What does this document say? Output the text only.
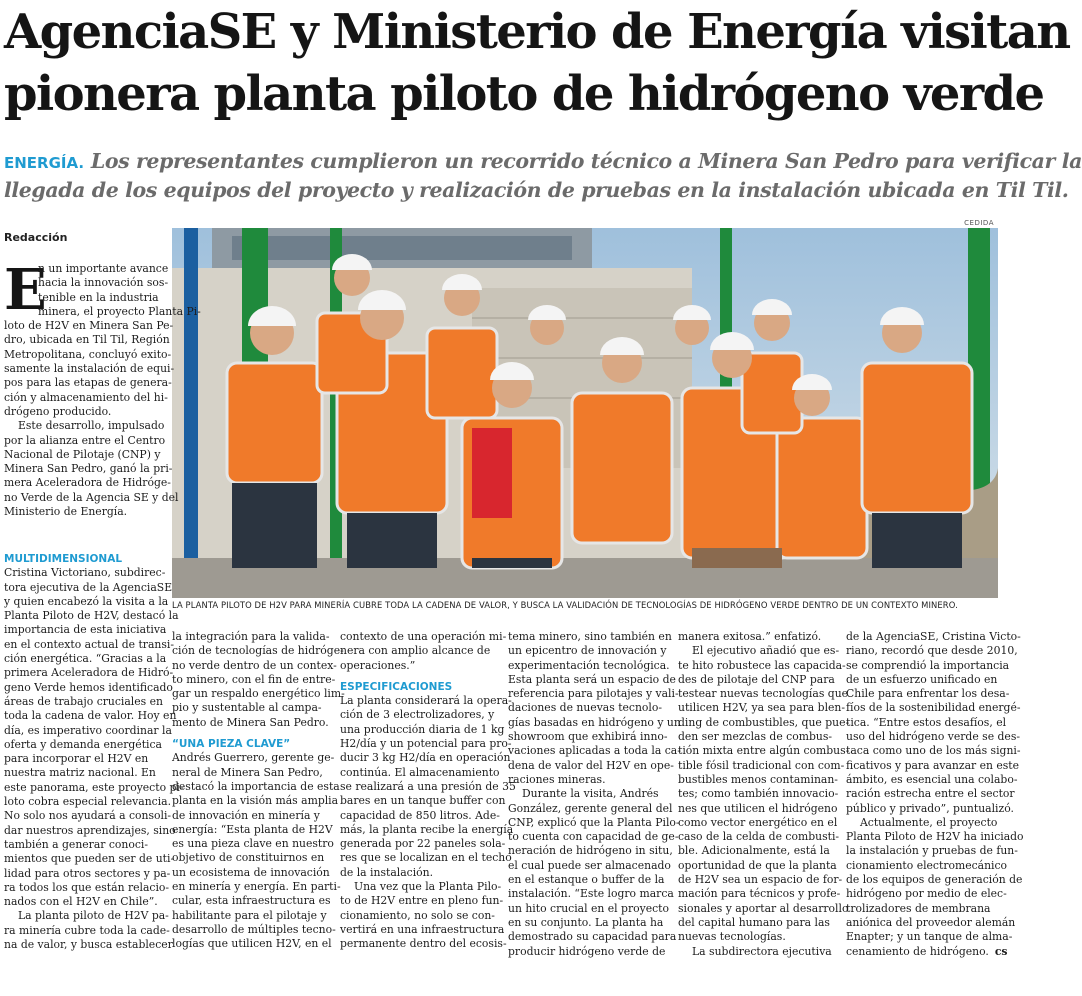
AgenciaSE y Ministerio de Energía visitan
pionera planta piloto de hidrógeno verde
ENERGÍA. Los representantes cumplieron un recorrido técnico a Minera San Pedro para verificar la
llegada de los equipos del proyecto y realización de pruebas en la instalación ubicada en Til Til.
Redacción
CEDIDA
LA PLANTA PILOTO DE H2V PARA MINERÍA CUBRE TODA LA CADENA DE VALOR, Y BUSCA LA VALIDACIÓN DE TECNOLOGÍAS DE HIDRÓGENO VERDE DENTRO DE UN CONTEXTO MINERO.
E
n un importante avance
hacia la innovación sos-
tenible en la industria
minera, el proyecto Planta Pi-
loto de H2V en Minera San Pe-
dro, ubicada en Til Til, Región
Metropolitana, concluyó exito-
samente la instalación de equi-
pos para las etapas de genera-
ción y almacenamiento del hi-
drógeno producido.
Este desarrollo, impulsado
por la alianza entre el Centro
Nacional de Pilotaje (CNP) y
Minera San Pedro, ganó la pri-
mera Aceleradora de Hidróge-
no Verde de la Agencia SE y del
Ministerio de Energía.
MULTIDIMENSIONAL
Cristina Victoriano, subdirec-
tora ejecutiva de la AgenciaSE
y quien encabezó la visita a la
Planta Piloto de H2V, destacó la
importancia de esta iniciativa
en el contexto actual de transi-
ción energética. “Gracias a la
primera Aceleradora de Hidró-
geno Verde hemos identificado
áreas de trabajo cruciales en
toda la cadena de valor. Hoy en
día, es imperativo coordinar la
oferta y demanda energética
para incorporar el H2V en
nuestra matriz nacional. En
este panorama, este proyecto pi-
loto cobra especial relevancia.
No solo nos ayudará a consoli-
dar nuestros aprendizajes, sino
también a generar conoci-
mientos que pueden ser de uti-
lidad para otros sectores y pa-
ra todos los que están relacio-
nados con el H2V en Chile”.
La planta piloto de H2V pa-
ra minería cubre toda la cade-
na de valor, y busca establecer
la integración para la valida-
ción de tecnologías de hidróge-
no verde dentro de un contex-
to minero, con el fin de entre-
gar un respaldo energético lim-
pio y sustentable al campa-
mento de Minera San Pedro.
“UNA PIEZA CLAVE”
Andrés Guerrero, gerente ge-
neral de Minera San Pedro,
destacó la importancia de esta
planta en la visión más amplia
de innovación en minería y
energía: “Esta planta de H2V
es una pieza clave en nuestro
objetivo de constituirnos en
un ecosistema de innovación
en minería y energía. En parti-
cular, esta infraestructura es
habilitante para el pilotaje y
desarrollo de múltiples tecno-
logías que utilicen H2V, en el
contexto de una operación mi-
nera con amplio alcance de
operaciones.”
ESPECIFICACIONES
La planta considerará la opera-
ción de 3 electrolizadores, y
una producción diaria de 1 kg
H2/día y un potencial para pro-
ducir 3 kg H2/día en operación
continúa. El almacenamiento
se realizará a una presión de 35
bares en un tanque buffer con
capacidad de 850 litros. Ade-
más, la planta recibe la energía
generada por 22 paneles sola-
res que se localizan en el techo
de la instalación.
Una vez que la Planta Pilo-
to de H2V entre en pleno fun-
cionamiento, no solo se con-
vertirá en una infraestructura
permanente dentro del ecosis-
tema minero, sino también en
un epicentro de innovación y
experimentación tecnológica.
Esta planta será un espacio de
referencia para pilotajes y vali-
daciones de nuevas tecnolo-
gías basadas en hidrógeno y un
showroom que exhibirá inno-
vaciones aplicadas a toda la ca-
dena de valor del H2V en ope-
raciones mineras.
Durante la visita, Andrés
González, gerente general del
CNP, explicó que la Planta Pilo-
to cuenta con capacidad de ge-
neración de hidrógeno in situ,
el cual puede ser almacenado
en el estanque o buffer de la
instalación. “Este logro marca
un hito crucial en el proyecto
en su conjunto. La planta ha
demostrado su capacidad para
producir hidrógeno verde de
manera exitosa.” enfatizó.
El ejecutivo añadió que es-
te hito robustece las capacida-
des de pilotaje del CNP para
testear nuevas tecnologías que
utilicen H2V, ya sea para blen-
ding de combustibles, que pue-
den ser mezclas de combus-
tión mixta entre algún combus-
tible fósil tradicional con com-
bustibles menos contaminan-
tes; como también innovacio-
nes que utilicen el hidrógeno
como vector energético en el
caso de la celda de combusti-
ble. Adicionalmente, está la
oportunidad de que la planta
de H2V sea un espacio de for-
mación para técnicos y profe-
sionales y aportar al desarrollo
del capital humano para las
nuevas tecnologías.
La subdirectora ejecutiva
de la AgenciaSE, Cristina Victo-
riano, recordó que desde 2010,
se comprendió la importancia
de un esfuerzo unificado en
Chile para enfrentar los desa-
fíos de la sostenibilidad energé-
tica. “Entre estos desafíos, el
uso del hidrógeno verde se des-
taca como uno de los más signi-
ficativos y para avanzar en este
ámbito, es esencial una colabo-
ración estrecha entre el sector
público y privado”, puntualizó.
Actualmente, el proyecto
Planta Piloto de H2V ha iniciado
la instalación y pruebas de fun-
cionamiento electromecánico
de los equipos de generación de
hidrógeno por medio de elec-
trolizadores de membrana
aniónica del proveedor alemán
Enapter; y un tanque de alma-
cenamiento de hidrógeno. cs
